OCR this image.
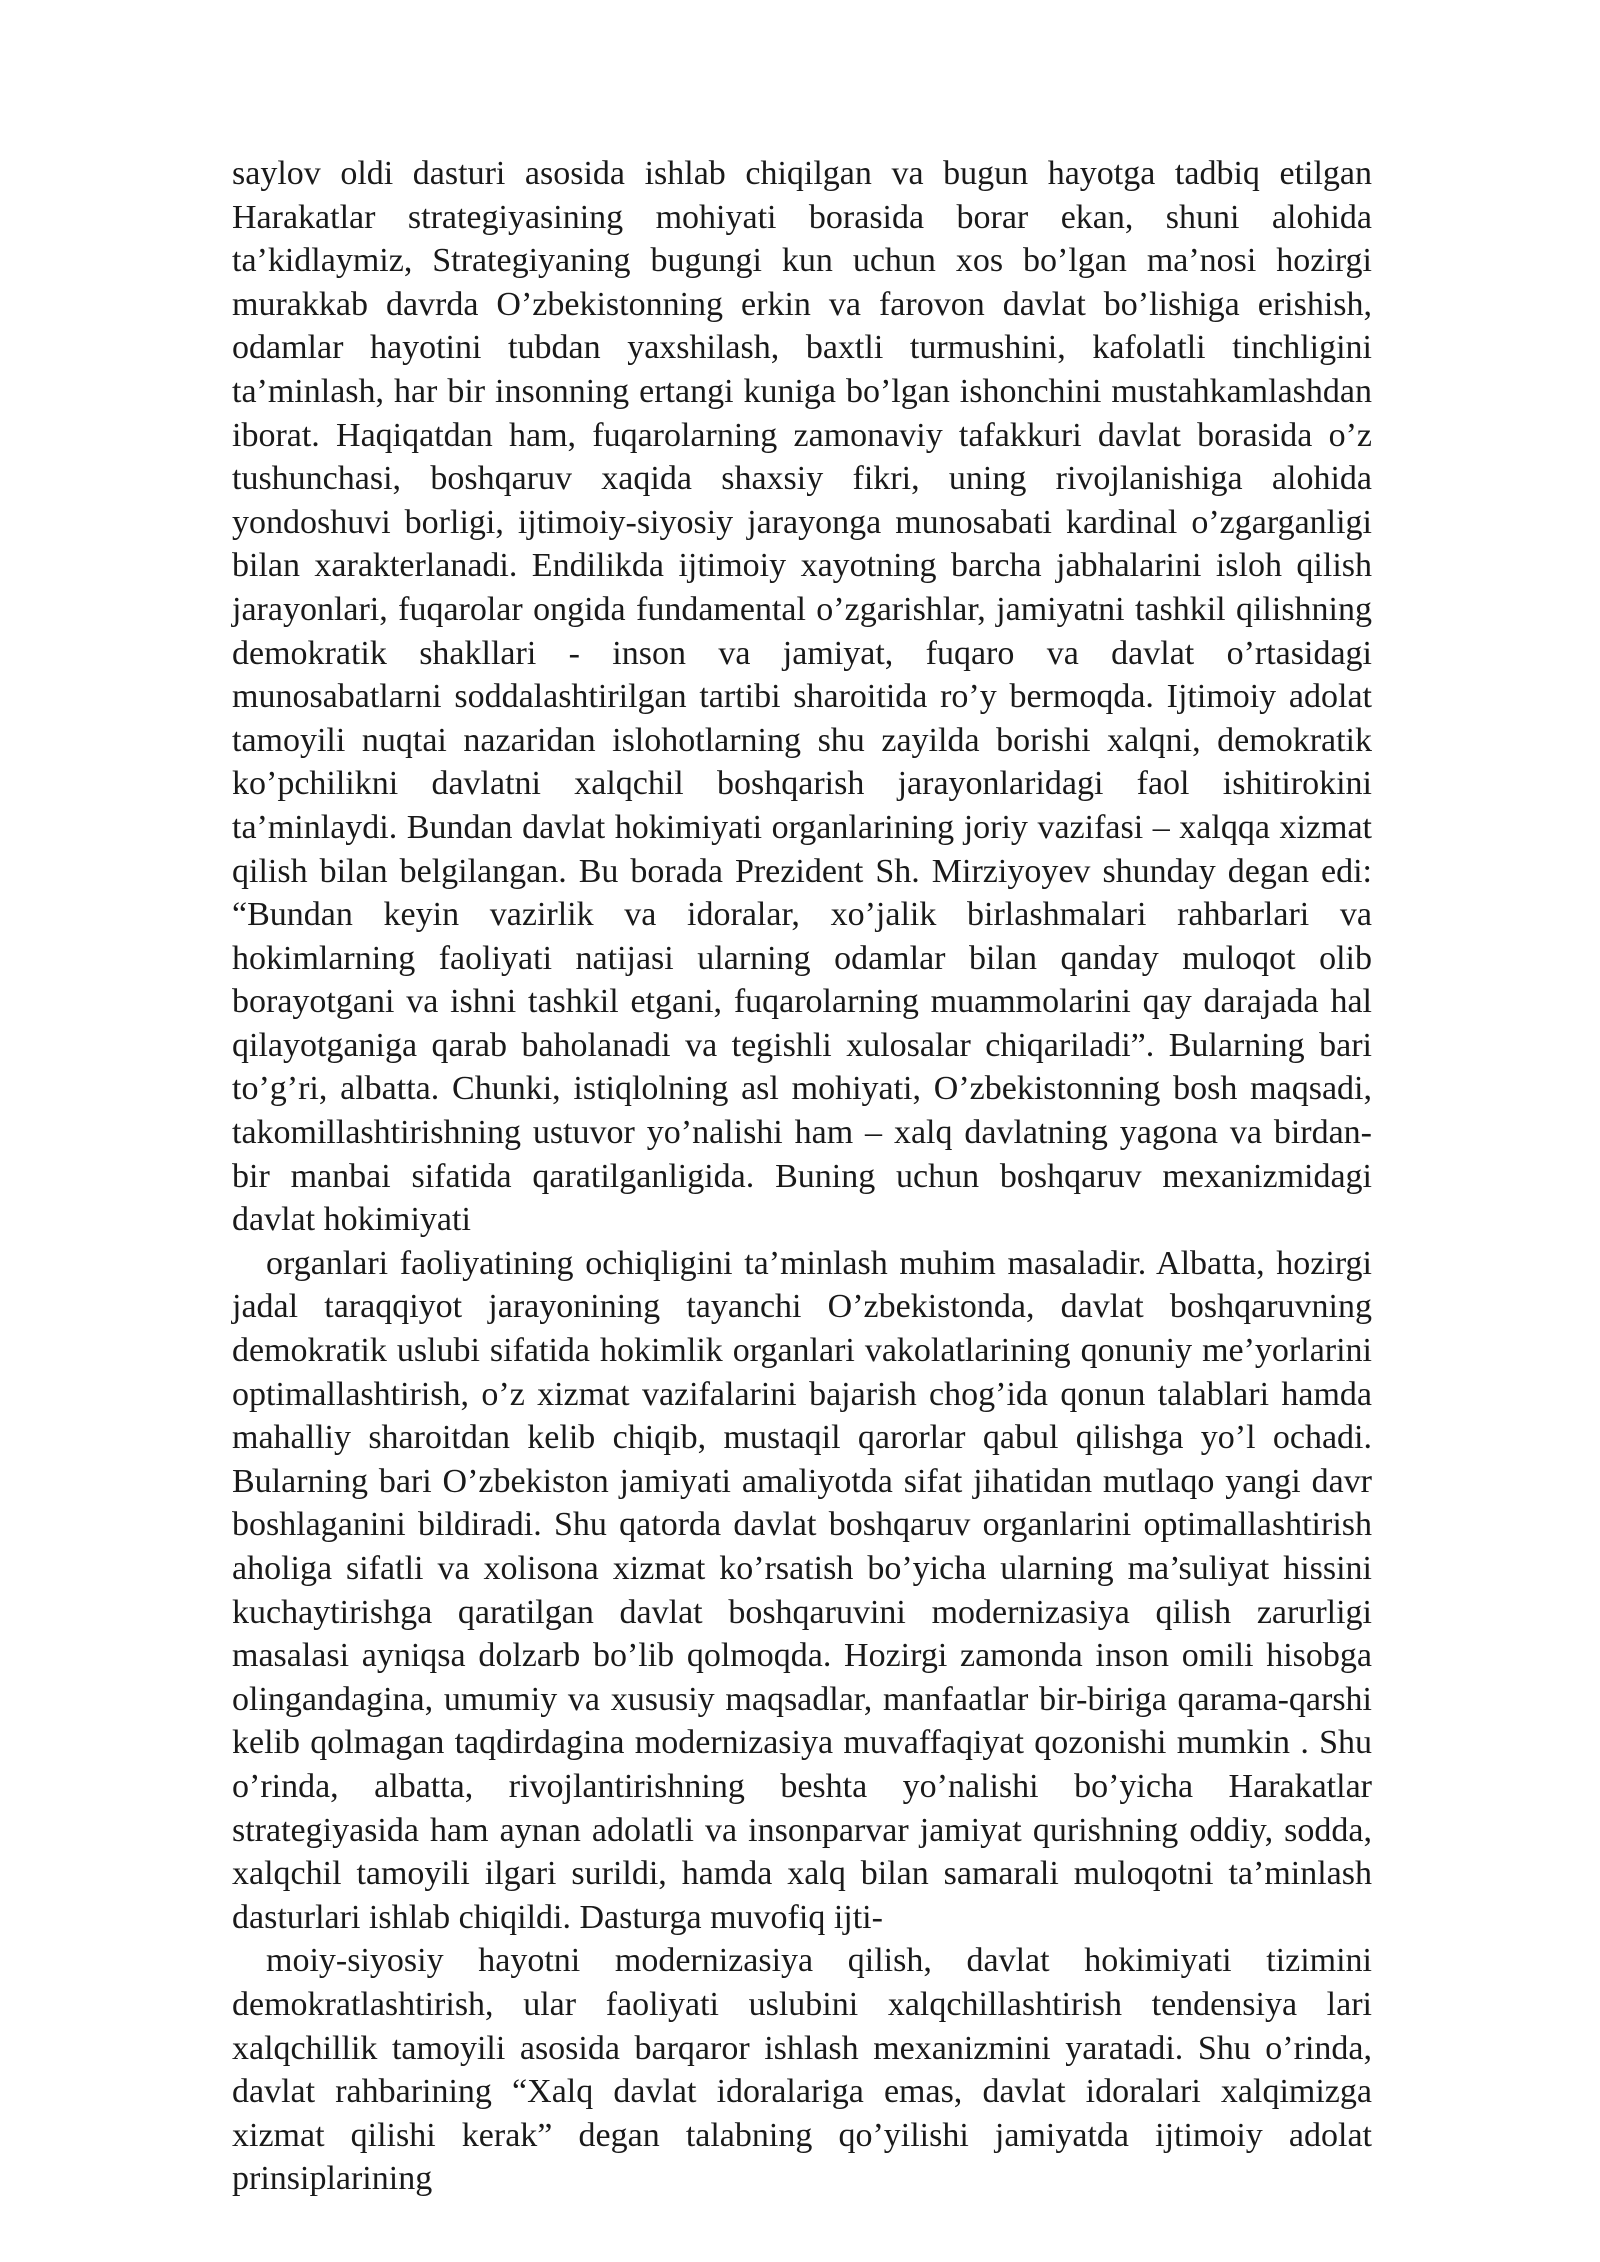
saylov oldi dasturi asosida ishlab chiqilgan va bugun hayotga tadbiq etilgan Harakatlar strategiyasining mohiyati borasida borar ekan, shuni alohida ta’kidlaymiz, Strategiyaning bugungi kun uchun xos bo’lgan ma’nosi hozirgi murakkab davrda O’zbekistonning erkin va farovon davlat bo’lishiga erishish, odamlar hayotini tubdan yaxshilash, baxtli turmushini, kafolatli tinchligini ta’minlash, har bir insonning ertangi kuniga bo’lgan ishonchini mustahkamlashdan iborat. Haqiqatdan ham, fuqarolarning zamonaviy tafakkuri davlat borasida o’z tushunchasi, boshqaruv xaqida shaxsiy fikri, uning rivojlanishiga alohida yondoshuvi borligi, ijtimoiy-siyosiy jarayonga munosabati kardinal o’zgarganligi bilan xarakterlanadi. Endilikda ijtimoiy xayotning barcha jabhalarini isloh qilish jarayonlari, fuqarolar ongida fundamental o’zgarishlar, jamiyatni tashkil qilishning demokratik shakllari - inson va jamiyat, fuqaro va davlat o’rtasidagi munosabatlarni soddalashtirilgan tartibi sharoitida ro’y bermoqda. Ijtimoiy adolat tamoyili nuqtai nazaridan islohotlarning shu zayilda borishi xalqni, demokratik ko’pchilikni davlatni xalqchil boshqarish jarayonlaridagi faol ishitirokini ta’minlaydi. Bundan davlat hokimiyati organlarining joriy vazifasi – xalqqa xizmat qilish bilan belgilangan. Bu borada Prezident Sh. Mirziyoyev shunday degan edi: “Bundan keyin vazirlik va idoralar, xo’jalik birlashmalari rahbarlari va hokimlarning faoliyati natijasi ularning odamlar bilan qanday muloqot olib borayotgani va ishni tashkil etgani, fuqarolarning muammolarini qay darajada hal qilayotganiga qarab baholanadi va tegishli xulosalar chiqariladi”. Bularning bari to’g’ri, albatta. Chunki, istiqlolning asl mohiyati, O’zbekistonning bosh maqsadi, takomillashtirishning ustuvor yo’nalishi ham – xalq davlatning yagona va birdan-bir manbai sifatida qaratilganligida. Buning uchun boshqaruv mexanizmidagi davlat hokimiyati

organlari faoliyatining ochiqligini ta’minlash muhim masaladir. Albatta, hozirgi jadal taraqqiyot jarayonining tayanchi O’zbekistonda, davlat boshqaruvning demokratik uslubi sifatida hokimlik organlari vakolatlarining qonuniy me’yorlarini optimallashtirish, o’z xizmat vazifalarini bajarish chog’ida qonun talablari hamda mahalliy sharoitdan kelib chiqib, mustaqil qarorlar qabul qilishga yo’l ochadi. Bularning bari O’zbekiston jamiyati amaliyotda sifat jihatidan mutlaqo yangi davr boshlaganini bildiradi. Shu qatorda davlat boshqaruv organlarini optimallashtirish aholiga sifatli va xolisona xizmat ko’rsatish bo’yicha ularning ma’suliyat hissini kuchaytirishga qaratilgan davlat boshqaruvini modernizasiya qilish zarurligi masalasi ayniqsa dolzarb bo’lib qolmoqda. Hozirgi zamonda inson omili hisobga olingandagina, umumiy va xususiy maqsadlar, manfaatlar bir-biriga qarama-qarshi kelib qolmagan taqdirdagina modernizasiya muvaffaqiyat qozonishi mumkin . Shu o’rinda, albatta, rivojlantirishning beshta yo’nalishi bo’yicha Harakatlar strategiyasida ham aynan adolatli va insonparvar jamiyat qurishning oddiy, sodda, xalqchil tamoyili ilgari surildi, hamda xalq bilan samarali muloqotni ta’minlash dasturlari ishlab chiqildi. Dasturga muvofiq ijti-

moiy-siyosiy hayotni modernizasiya qilish, davlat hokimiyati tizimini demokratlashtirish, ular faoliyati uslubini xalqchillashtirish tendensiya lari xalqchillik tamoyili asosida barqaror ishlash mexanizmini yaratadi. Shu o’rinda, davlat rahbarining “Xalq davlat idoralariga emas, davlat idoralari xalqimizga xizmat qilishi kerak” degan talabning qo’yilishi jamiyatda ijtimoiy adolat prinsiplarining
